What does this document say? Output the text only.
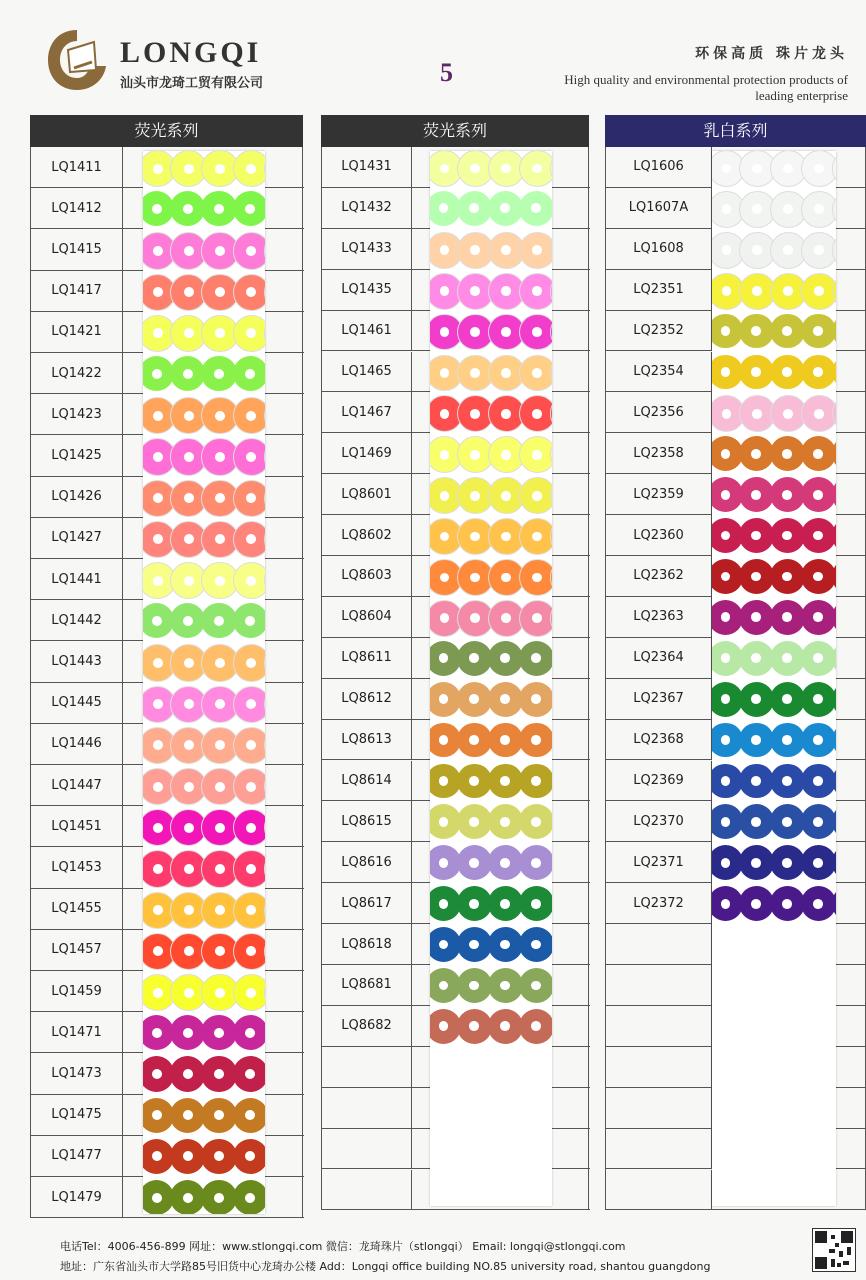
LONGQI
汕头市龙琦工贸有限公司	5
环保高质 珠片龙头
High quality and environmental protection products of leading enterprise
荧光系列
LQ1411
LQ1412
LQ1415
LQ1417
LQ1421
LQ1422
LQ1423
LQ1425
LQ1426
LQ1427
LQ1441
LQ1442
LQ1443
LQ1445
LQ1446
LQ1447
LQ1451
LQ1453
LQ1455
LQ1457
LQ1459
LQ1471
LQ1473
LQ1475
LQ1477
LQ1479
荧光系列
LQ1431
LQ1432
LQ1433
LQ1435
LQ1461
LQ1465
LQ1467
LQ1469
LQ8601
LQ8602
LQ8603
LQ8604
LQ8611
LQ8612
LQ8613
LQ8614
LQ8615
LQ8616
LQ8617
LQ8618
LQ8681
LQ8682
乳白系列
LQ1606
LQ1607A
LQ1608
LQ2351
LQ2352
LQ2354
LQ2356
LQ2358
LQ2359
LQ2360
LQ2362
LQ2363
LQ2364
LQ2367
LQ2368
LQ2369
LQ2370
LQ2371
LQ2372
电话Tel：4006-456-899 网址：www.stlongqi.com 微信：龙琦珠片（stlongqi） Email: longqi@stlongqi.com
地址：广东省汕头市大学路85号旧货中心龙琦办公楼 Add：Longqi office building NO.85 university road, shantou guangdong
